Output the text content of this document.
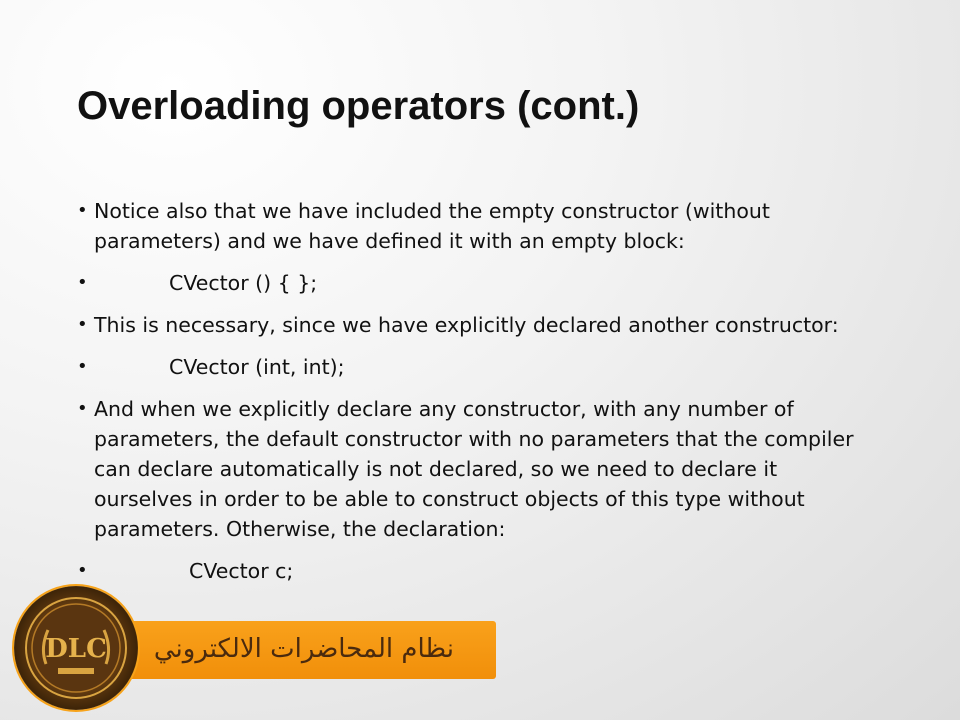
Overloading operators (cont.)
• Notice also that we have included the empty constructor (without parameters) and we have defined it with an empty block:
• CVector () { };
• This is necessary, since we have explicitly declared another constructor:
• CVector (int, int);
• And when we explicitly declare any constructor, with any number of parameters, the default constructor with no parameters that the compiler can declare automatically is not declared, so we need to declare it ourselves in order to be able to construct objects of this type without parameters. Otherwise, the declaration:
• CVector c;
نظام المحاضرات الالكتروني
DLC
